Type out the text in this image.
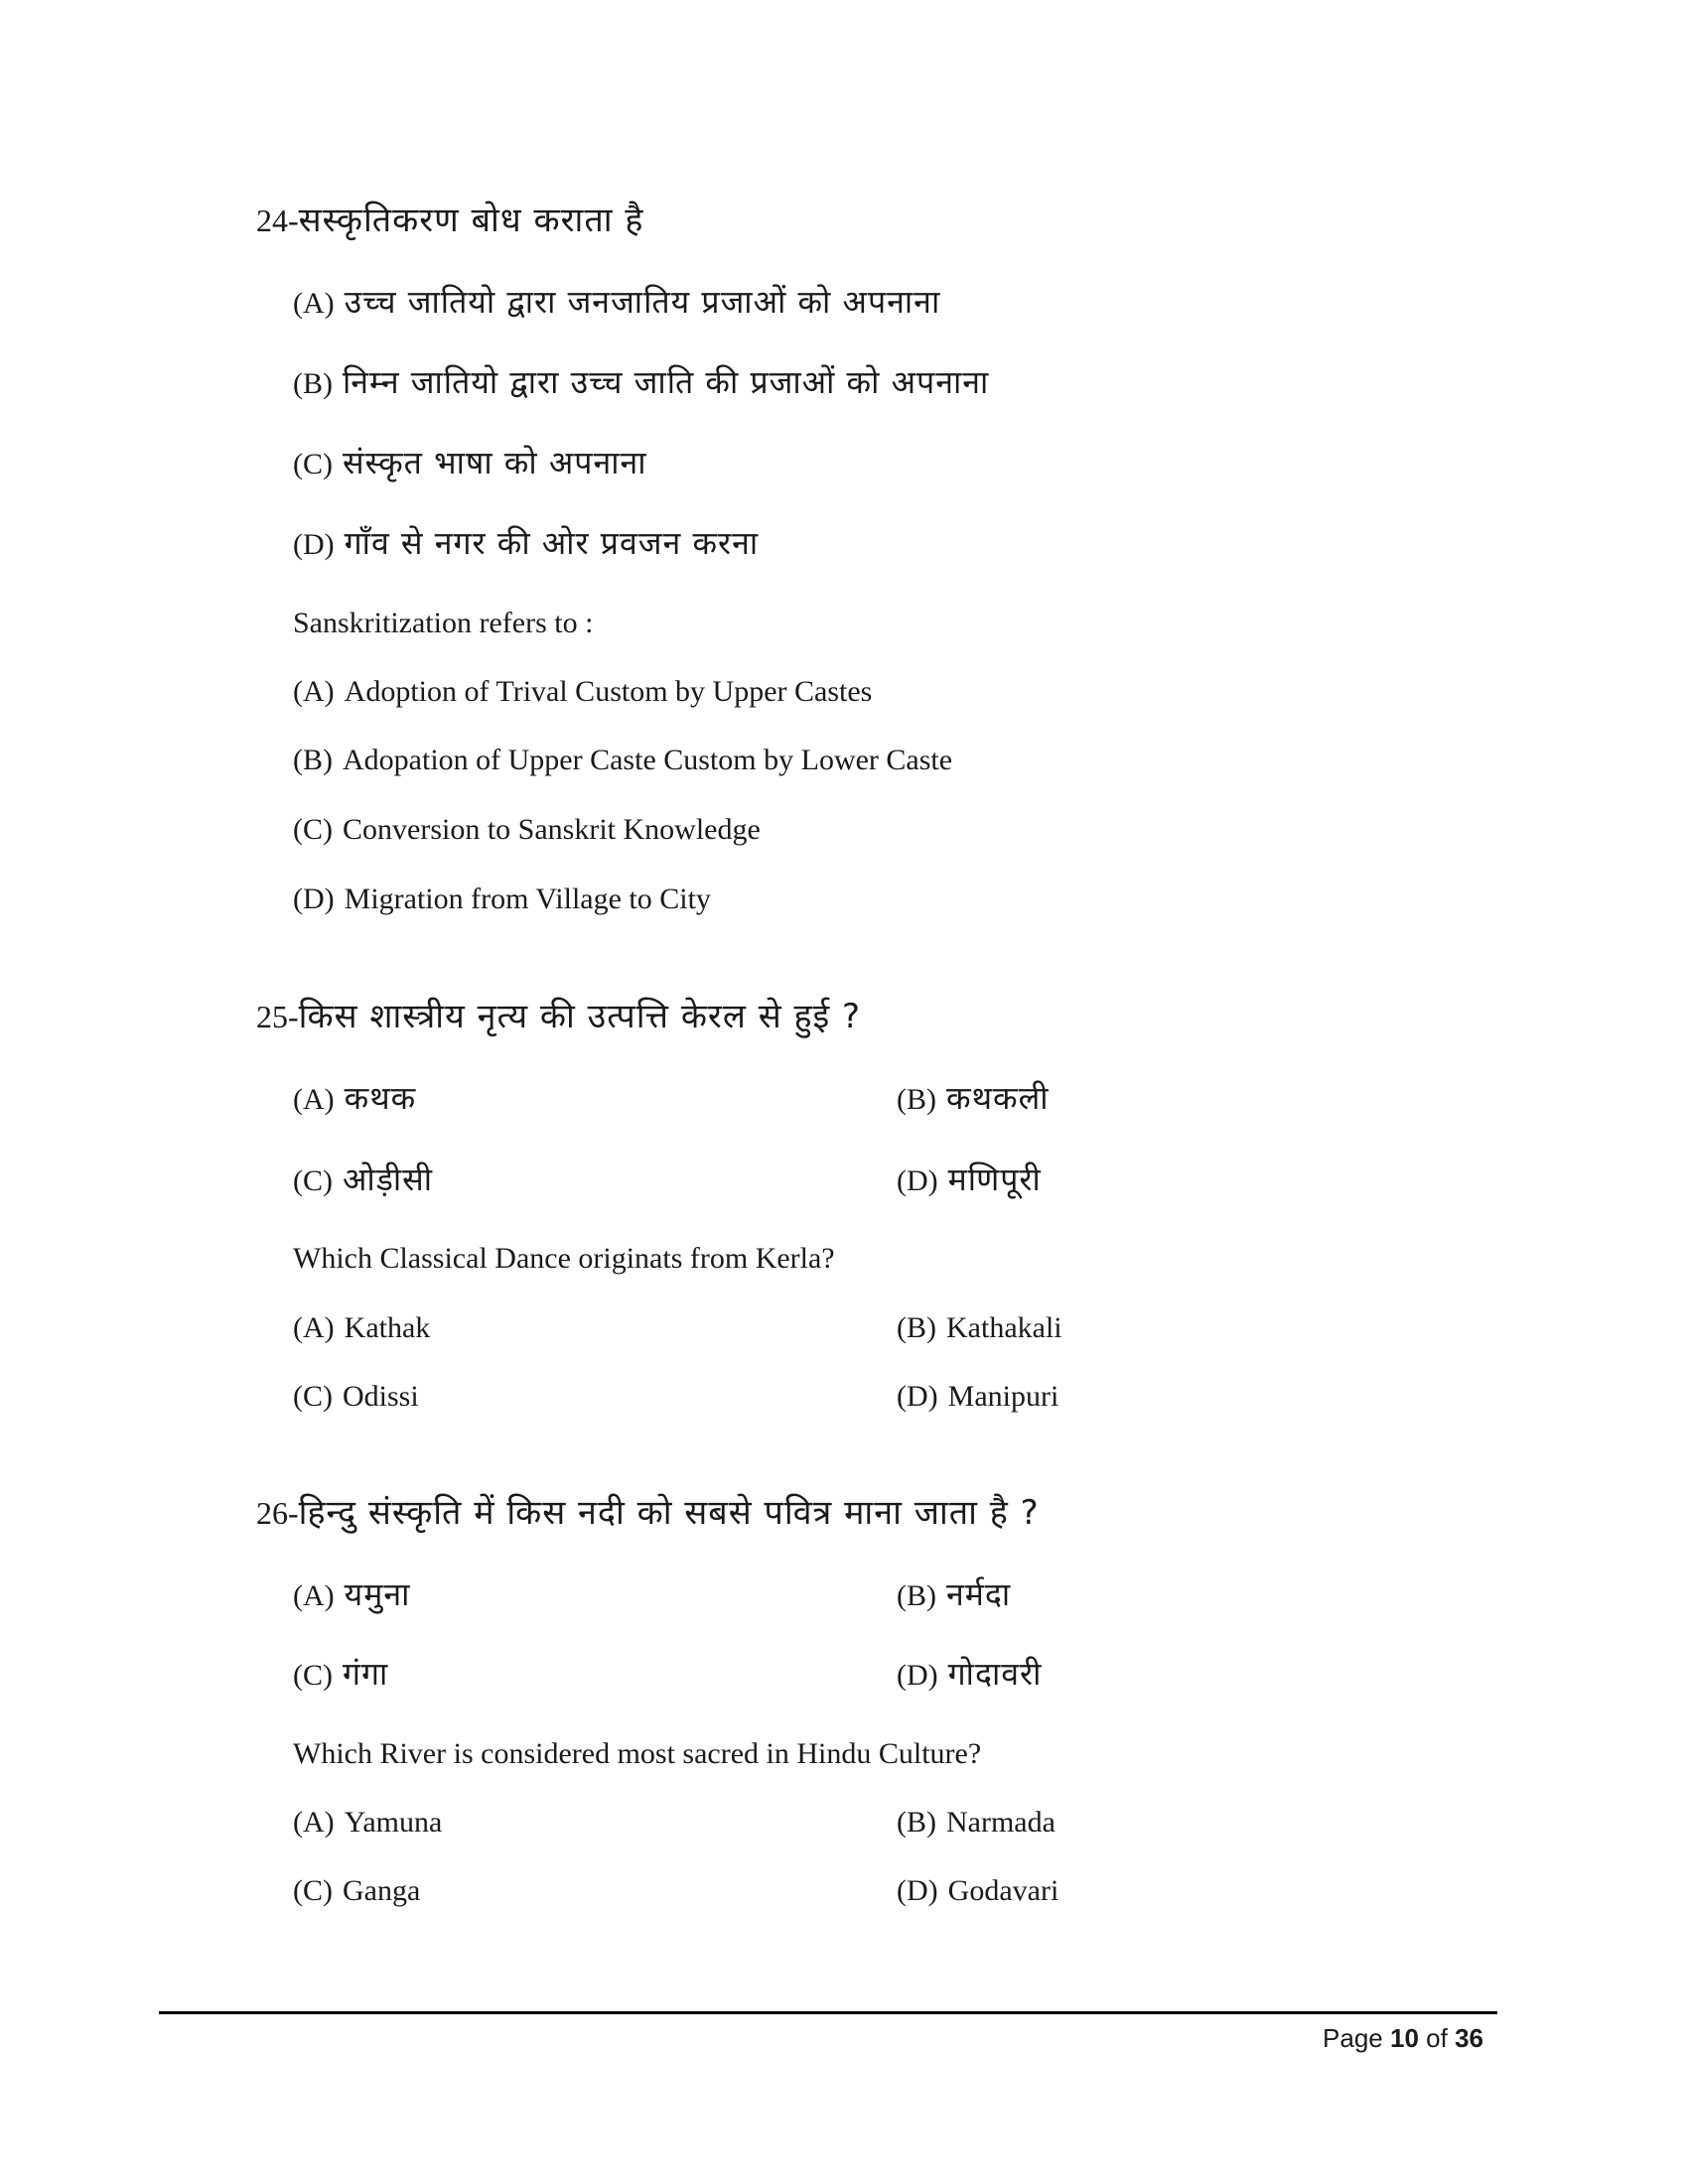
24-सस्कृतिकरण बोध कराता है
(A) उच्च जातियो द्वारा जनजातिय प्रजाओं को अपनाना
(B) निम्न जातियो द्वारा उच्च जाति की प्रजाओं को अपनाना
(C) संस्कृत भाषा को अपनाना
(D) गाँव से नगर की ओर प्रवजन करना
Sanskritization refers to :
(A) Adoption of Trival Custom by Upper Castes
(B) Adopation of Upper Caste Custom by Lower Caste
(C) Conversion to Sanskrit Knowledge
(D) Migration from Village to City
25-किस शास्त्रीय नृत्य की उत्पत्ति केरल से हुई ?
(A) कथक	(B) कथकली
(C) ओड़ीसी	(D) मणिपूरी
Which Classical Dance originats from Kerla?
(A) Kathak	(B) Kathakali
(C) Odissi	(D) Manipuri
26-हिन्दु संस्कृति में किस नदी को सबसे पवित्र माना जाता है ?
(A) यमुना	(B) नर्मदा
(C) गंगा	(D) गोदावरी
Which River is considered most sacred in Hindu Culture?
(A) Yamuna	(B) Narmada
(C) Ganga	(D) Godavari
Page 10 of 36
